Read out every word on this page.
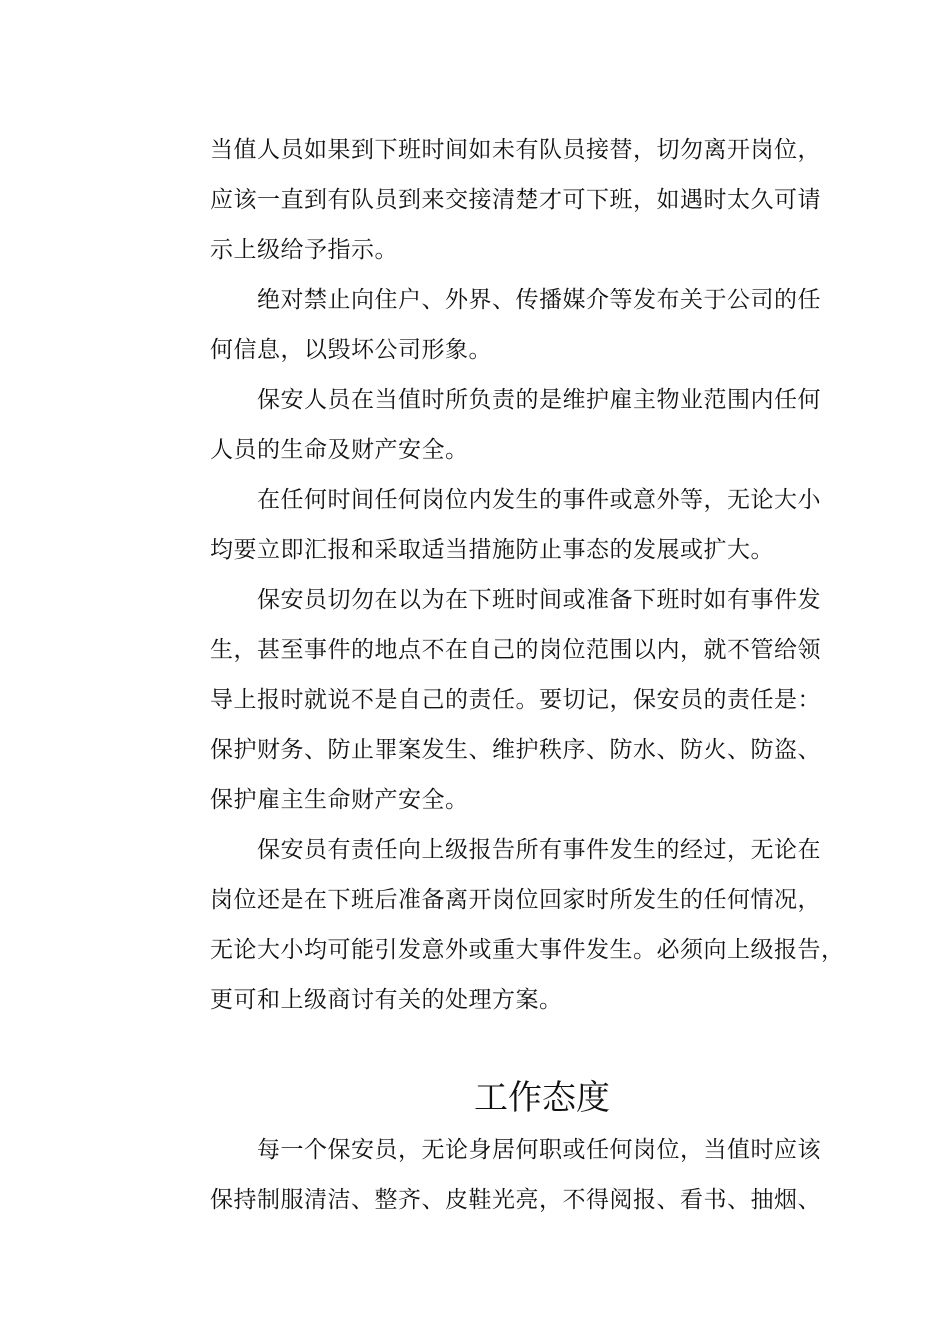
当值人员如果到下班时间如未有队员接替，切勿离开岗位，
应该一直到有队员到来交接清楚才可下班，如遇时太久可请
示上级给予指示。
绝对禁止向住户、外界、传播媒介等发布关于公司的任
何信息，以毁坏公司形象。
保安人员在当值时所负责的是维护雇主物业范围内任何
人员的生命及财产安全。
在任何时间任何岗位内发生的事件或意外等，无论大小
均要立即汇报和采取适当措施防止事态的发展或扩大。
保安员切勿在以为在下班时间或准备下班时如有事件发
生，甚至事件的地点不在自己的岗位范围以内，就不管给领
导上报时就说不是自己的责任。要切记，保安员的责任是：
保护财务、防止罪案发生、维护秩序、防水、防火、防盗、
保护雇主生命财产安全。
保安员有责任向上级报告所有事件发生的经过，无论在
岗位还是在下班后准备离开岗位回家时所发生的任何情况，
无论大小均可能引发意外或重大事件发生。必须向上级报告，
更可和上级商讨有关的处理方案。
工作态度
每一个保安员，无论身居何职或任何岗位，当值时应该
保持制服清洁、整齐、皮鞋光亮，不得阅报、看书、抽烟、
